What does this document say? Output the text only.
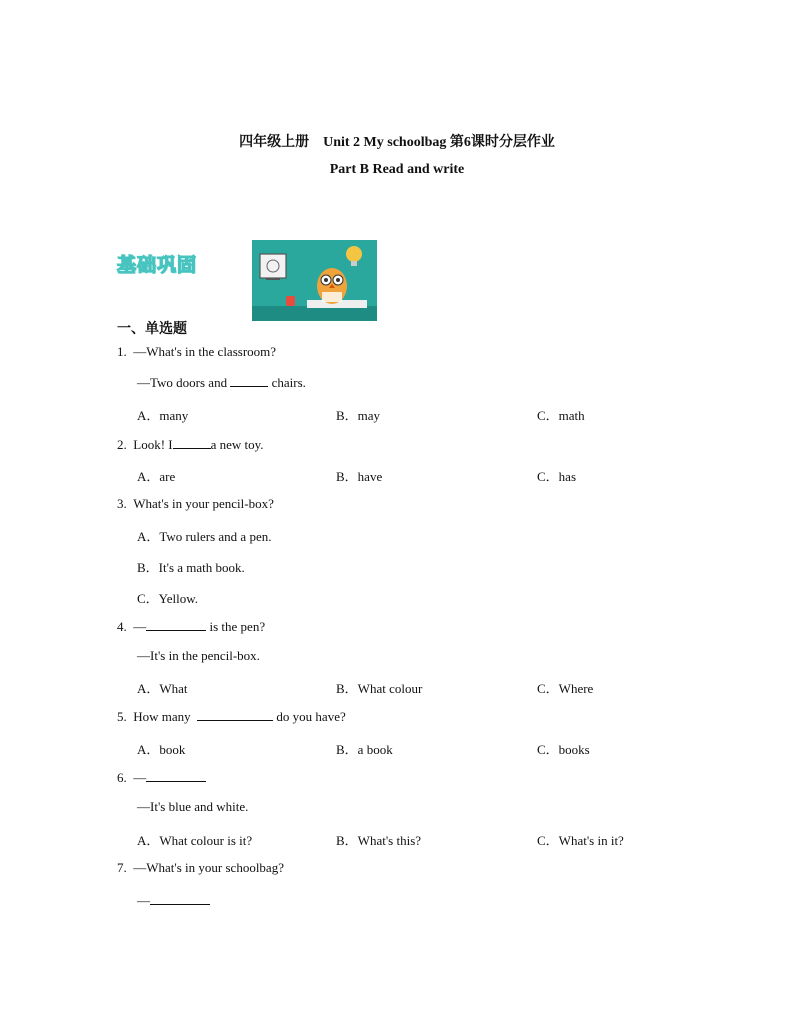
四年级上册　Unit 2 My schoolbag 第6课时分层作业
Part B Read and write
基础巩固
一、单选题
1. —What's in the classroom?
—Two doors and	chairs.
A．many	B．may	C．math
2. Look! I	a new toy.
A．are	B．have	C．has
3. What's in your pencil-box?
A．Two rulers and a pen.
B．It's a math book.
C．Yellow.
4. —	is the pen?
—It's in the pencil-box.
A．What	B．What colour	C．Where
5. How many	do you have?
A．book	B．a book	C．books
6. —
—It's blue and white.
A．What colour is it?	B．What's this?	C．What's in it?
7. —What's in your schoolbag?
—
